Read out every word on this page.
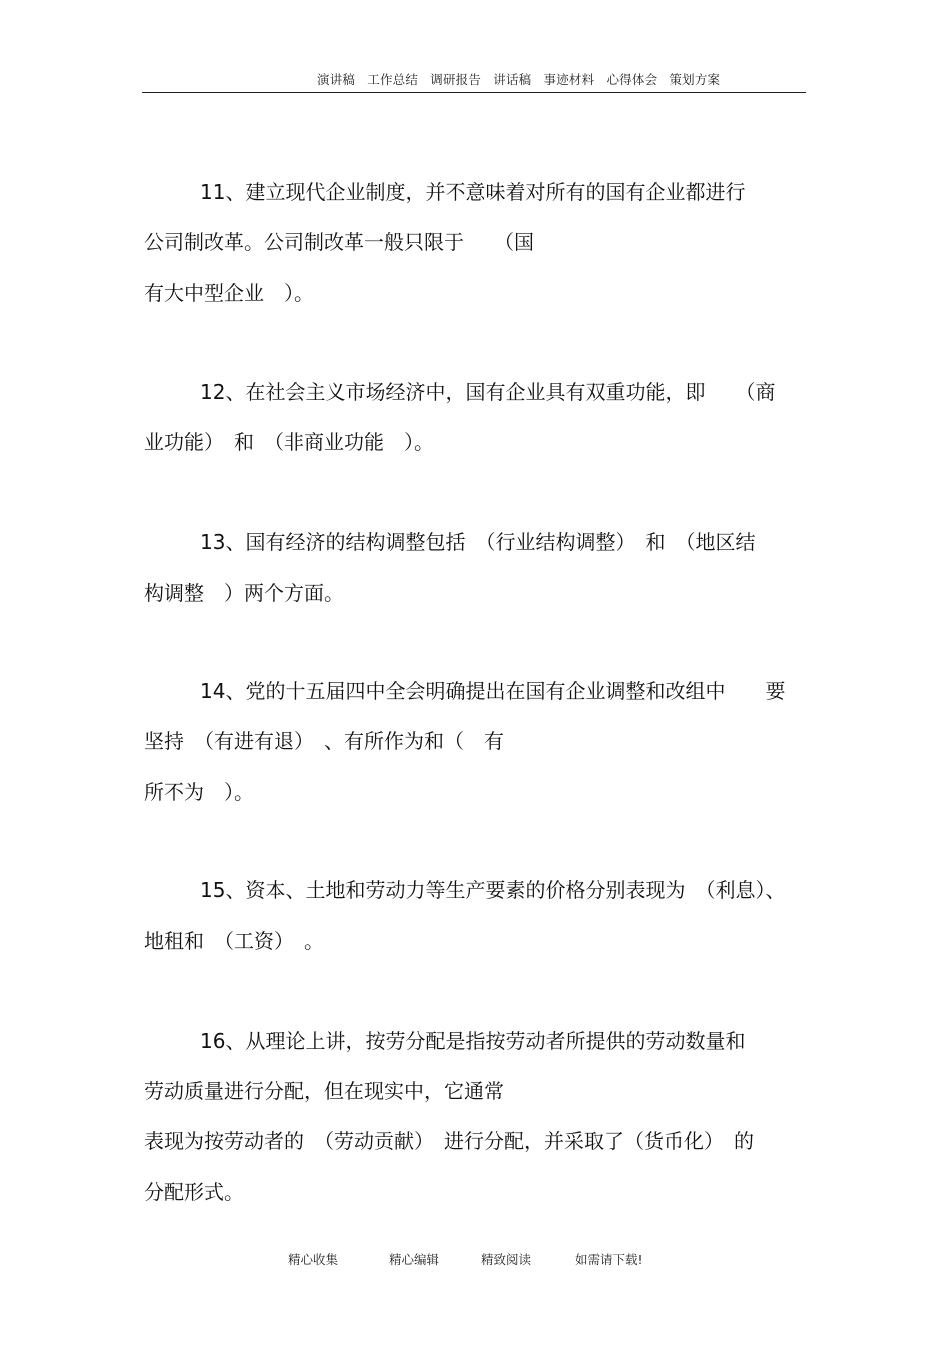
演讲稿 工作总结 调研报告 讲话稿 事迹材料 心得体会 策划方案
11、建立现代企业制度，并不意味着对所有的国有企业都进行
公司制改革。公司制改革一般只限于　　（国
有大中型企业　）。
12、在社会主义市场经济中，国有企业具有双重功能，即　　（商
业功能）　和　（非商业功能　）。
13、国有经济的结构调整包括　（行业结构调整）　和　（地区结
构调整　）两个方面。
14、党的十五届四中全会明确提出在国有企业调整和改组中　　要
坚持　（有进有退）　、有所作为和（　有
所不为　）。
15、资本、土地和劳动力等生产要素的价格分别表现为　（利息）、
地租和　（工资）　。
16、从理论上讲，按劳分配是指按劳动者所提供的劳动数量和
劳动质量进行分配，但在现实中，它通常
表现为按劳动者的　（劳动贡献）　进行分配，并采取了（货币化）　的
分配形式。
精心收集	精心编辑	精致阅读	如需请下载!
